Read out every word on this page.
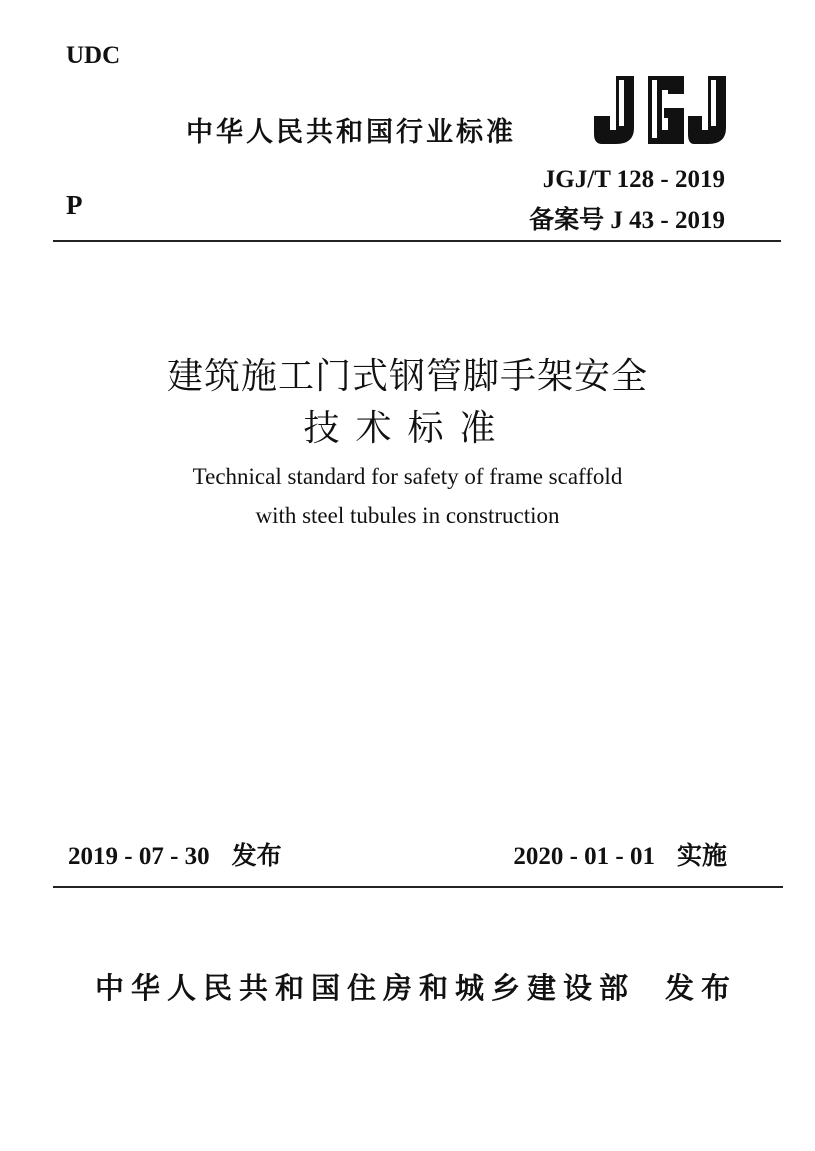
UDC
中华人民共和国行业标准
JGJ/T 128 - 2019
备案号 J 43 - 2019
P
建筑施工门式钢管脚手架安全
技术标准
Technical standard for safety of frame scaffold
with steel tubules in construction
2019 - 07 - 30 发布	2020 - 01 - 01 实施
中华人民共和国住房和城乡建设部 发布
